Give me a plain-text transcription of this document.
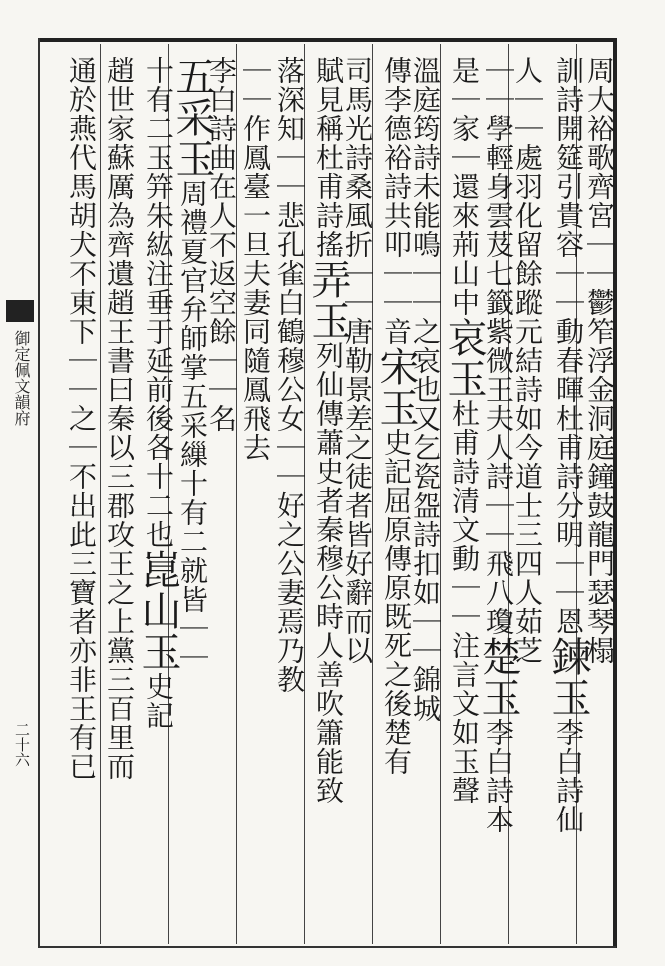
御定佩文韻府
二十六
周大裕歌齊宮｜｜鬱笮浮金洞庭鐘鼓龍門瑟琴榻
訓詩開筵引貴容｜｜動春暉杜甫詩分明｜｜恩鍊玉李白詩仙
人｜｜處羽化留餘蹤元結詩如今道士三四人茹芝
｜｜學輕身雲芨七籤紫微王夫人詩｜｜飛八瓊楚玉李白詩本
是｜家｜還來荊山中哀玉杜甫詩清文動｜｜注言文如玉聲
溫庭筠詩未能鳴｜｜之哀也又乞瓷盌詩扣如｜｜錦城
傳李德裕詩共叩｜｜音宋玉史記屈原傳原既死之後楚有
司馬光詩桑風折｜｜唐勒景差之徒者皆好辭而以
賦見稱杜甫詩搖弄玉列仙傳蕭史者秦穆公時人善吹簫能致
落深知｜｜悲孔雀白鶴穆公女｜｜好之公妻焉乃教
｜｜作鳳臺一旦夫妻同隨鳳飛去
李白詩曲在人不返空餘｜｜名
五采玉周禮夏官弁師掌五采繅十有二就皆｜｜
十有二玉笄朱紘注垂于延前後各十二也崑山玉史記
趙世家蘇厲為齊遺趙王書曰秦以三郡攻王之上黨三百里而
通於燕代馬胡犬不東下｜｜之｜不出此三寶者亦非王有已
